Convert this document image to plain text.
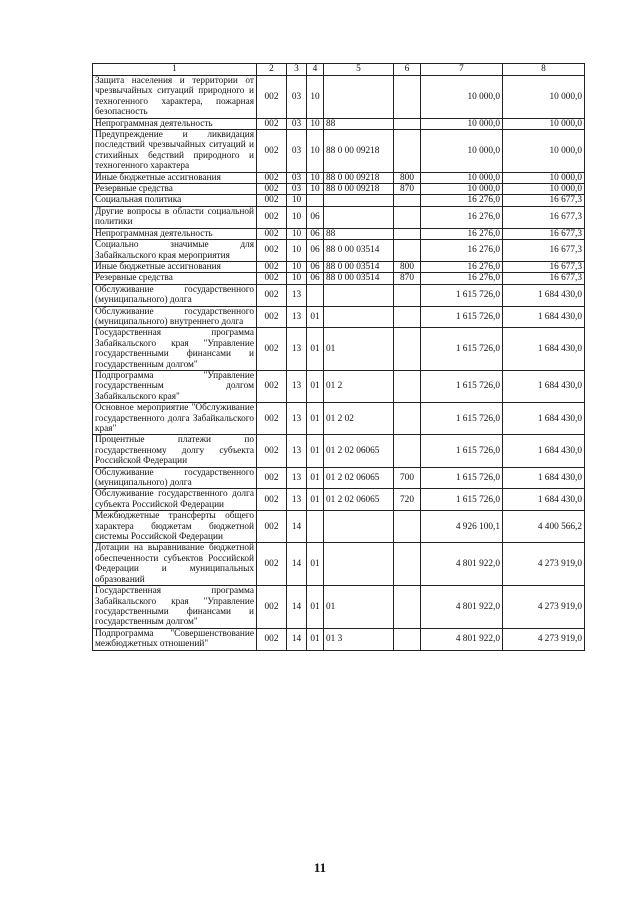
1	2	3	4	5	6	7	8
Защита населения и территории от чрезвычайных ситуаций природного и техногенного характера, пожарная безопасность	002	03	10			10 000,0	10 000,0
Непрограммная деятельность	002	03	10	88		10 000,0	10 000,0
Предупреждение и ликвидация последствий чрезвычайных ситуаций и стихийных бедствий природного и техногенного характера	002	03	10	88 0 00 09218		10 000,0	10 000,0
Иные бюджетные ассигнования	002	03	10	88 0 00 09218	800	10 000,0	10 000,0
Резервные средства	002	03	10	88 0 00 09218	870	10 000,0	10 000,0
Социальная политика	002	10				16 276,0	16 677,3
Другие вопросы в области социальной политики	002	10	06			16 276,0	16 677,3
Непрограммная деятельность	002	10	06	88		16 276,0	16 677,3
Социально значимые для Забайкальского края мероприятия	002	10	06	88 0 00 03514		16 276,0	16 677,3
Иные бюджетные ассигнования	002	10	06	88 0 00 03514	800	16 276,0	16 677,3
Резервные средства	002	10	06	88 0 00 03514	870	16 276,0	16 677,3
Обслуживание государственного (муниципального) долга	002	13				1 615 726,0	1 684 430,0
Обслуживание государственного (муниципального) внутреннего долга	002	13	01			1 615 726,0	1 684 430,0
Государственная программа Забайкальского края "Управление государственными финансами и государственным долгом"	002	13	01	01		1 615 726,0	1 684 430,0
Подпрограмма "Управление государственным долгом Забайкальского края"	002	13	01	01 2		1 615 726,0	1 684 430,0
Основное мероприятие "Обслуживание государственного долга Забайкальского края"	002	13	01	01 2 02		1 615 726,0	1 684 430,0
Процентные платежи по государственному долгу субъекта Российской Федерации	002	13	01	01 2 02 06065		1 615 726,0	1 684 430,0
Обслуживание государственного (муниципального) долга	002	13	01	01 2 02 06065	700	1 615 726,0	1 684 430,0
Обслуживание государственного долга субъекта Российской Федерации	002	13	01	01 2 02 06065	720	1 615 726,0	1 684 430,0
Межбюджетные трансферты общего характера бюджетам бюджетной системы Российской Федерации	002	14				4 926 100,1	4 400 566,2
Дотации на выравнивание бюджетной обеспеченности субъектов Российской Федерации и муниципальных образований	002	14	01			4 801 922,0	4 273 919,0
Государственная программа Забайкальского края "Управление государственными финансами и государственным долгом"	002	14	01	01		4 801 922,0	4 273 919,0
Подпрограмма "Совершенствование межбюджетных отношений"	002	14	01	01 3		4 801 922,0	4 273 919,0
11
